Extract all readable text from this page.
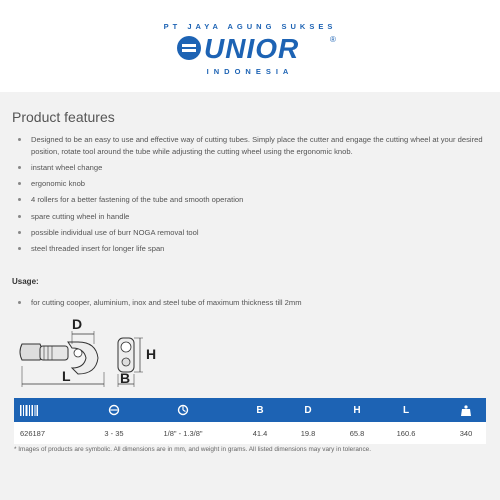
PT JAYA AGUNG SUKSES
UNIOR	®
INDONESIA
Product features
Designed to be an easy to use and effective way of cutting tubes. Simply place the cutter and engage the cutting wheel at your desired position, rotate tool around the tube while adjusting the cutting wheel using the ergonomic knob.
instant wheel change
ergonomic knob
4 rollers for a better fastening of the tube and smooth operation
spare cutting wheel in handle
possible individual use of burr NOGA removal tool
steel threaded insert for longer life span
Usage:
for cutting cooper, aluminium, inox and steel tube of maximum thickness till 2mm
D
H
L	B
B	D	H	L
626187	3 - 35	1/8" - 1.3/8"	41.4	19.8	65.8	160.6	340
* Images of products are symbolic. All dimensions are in mm, and weight in grams. All listed dimensions may vary in tolerance.
